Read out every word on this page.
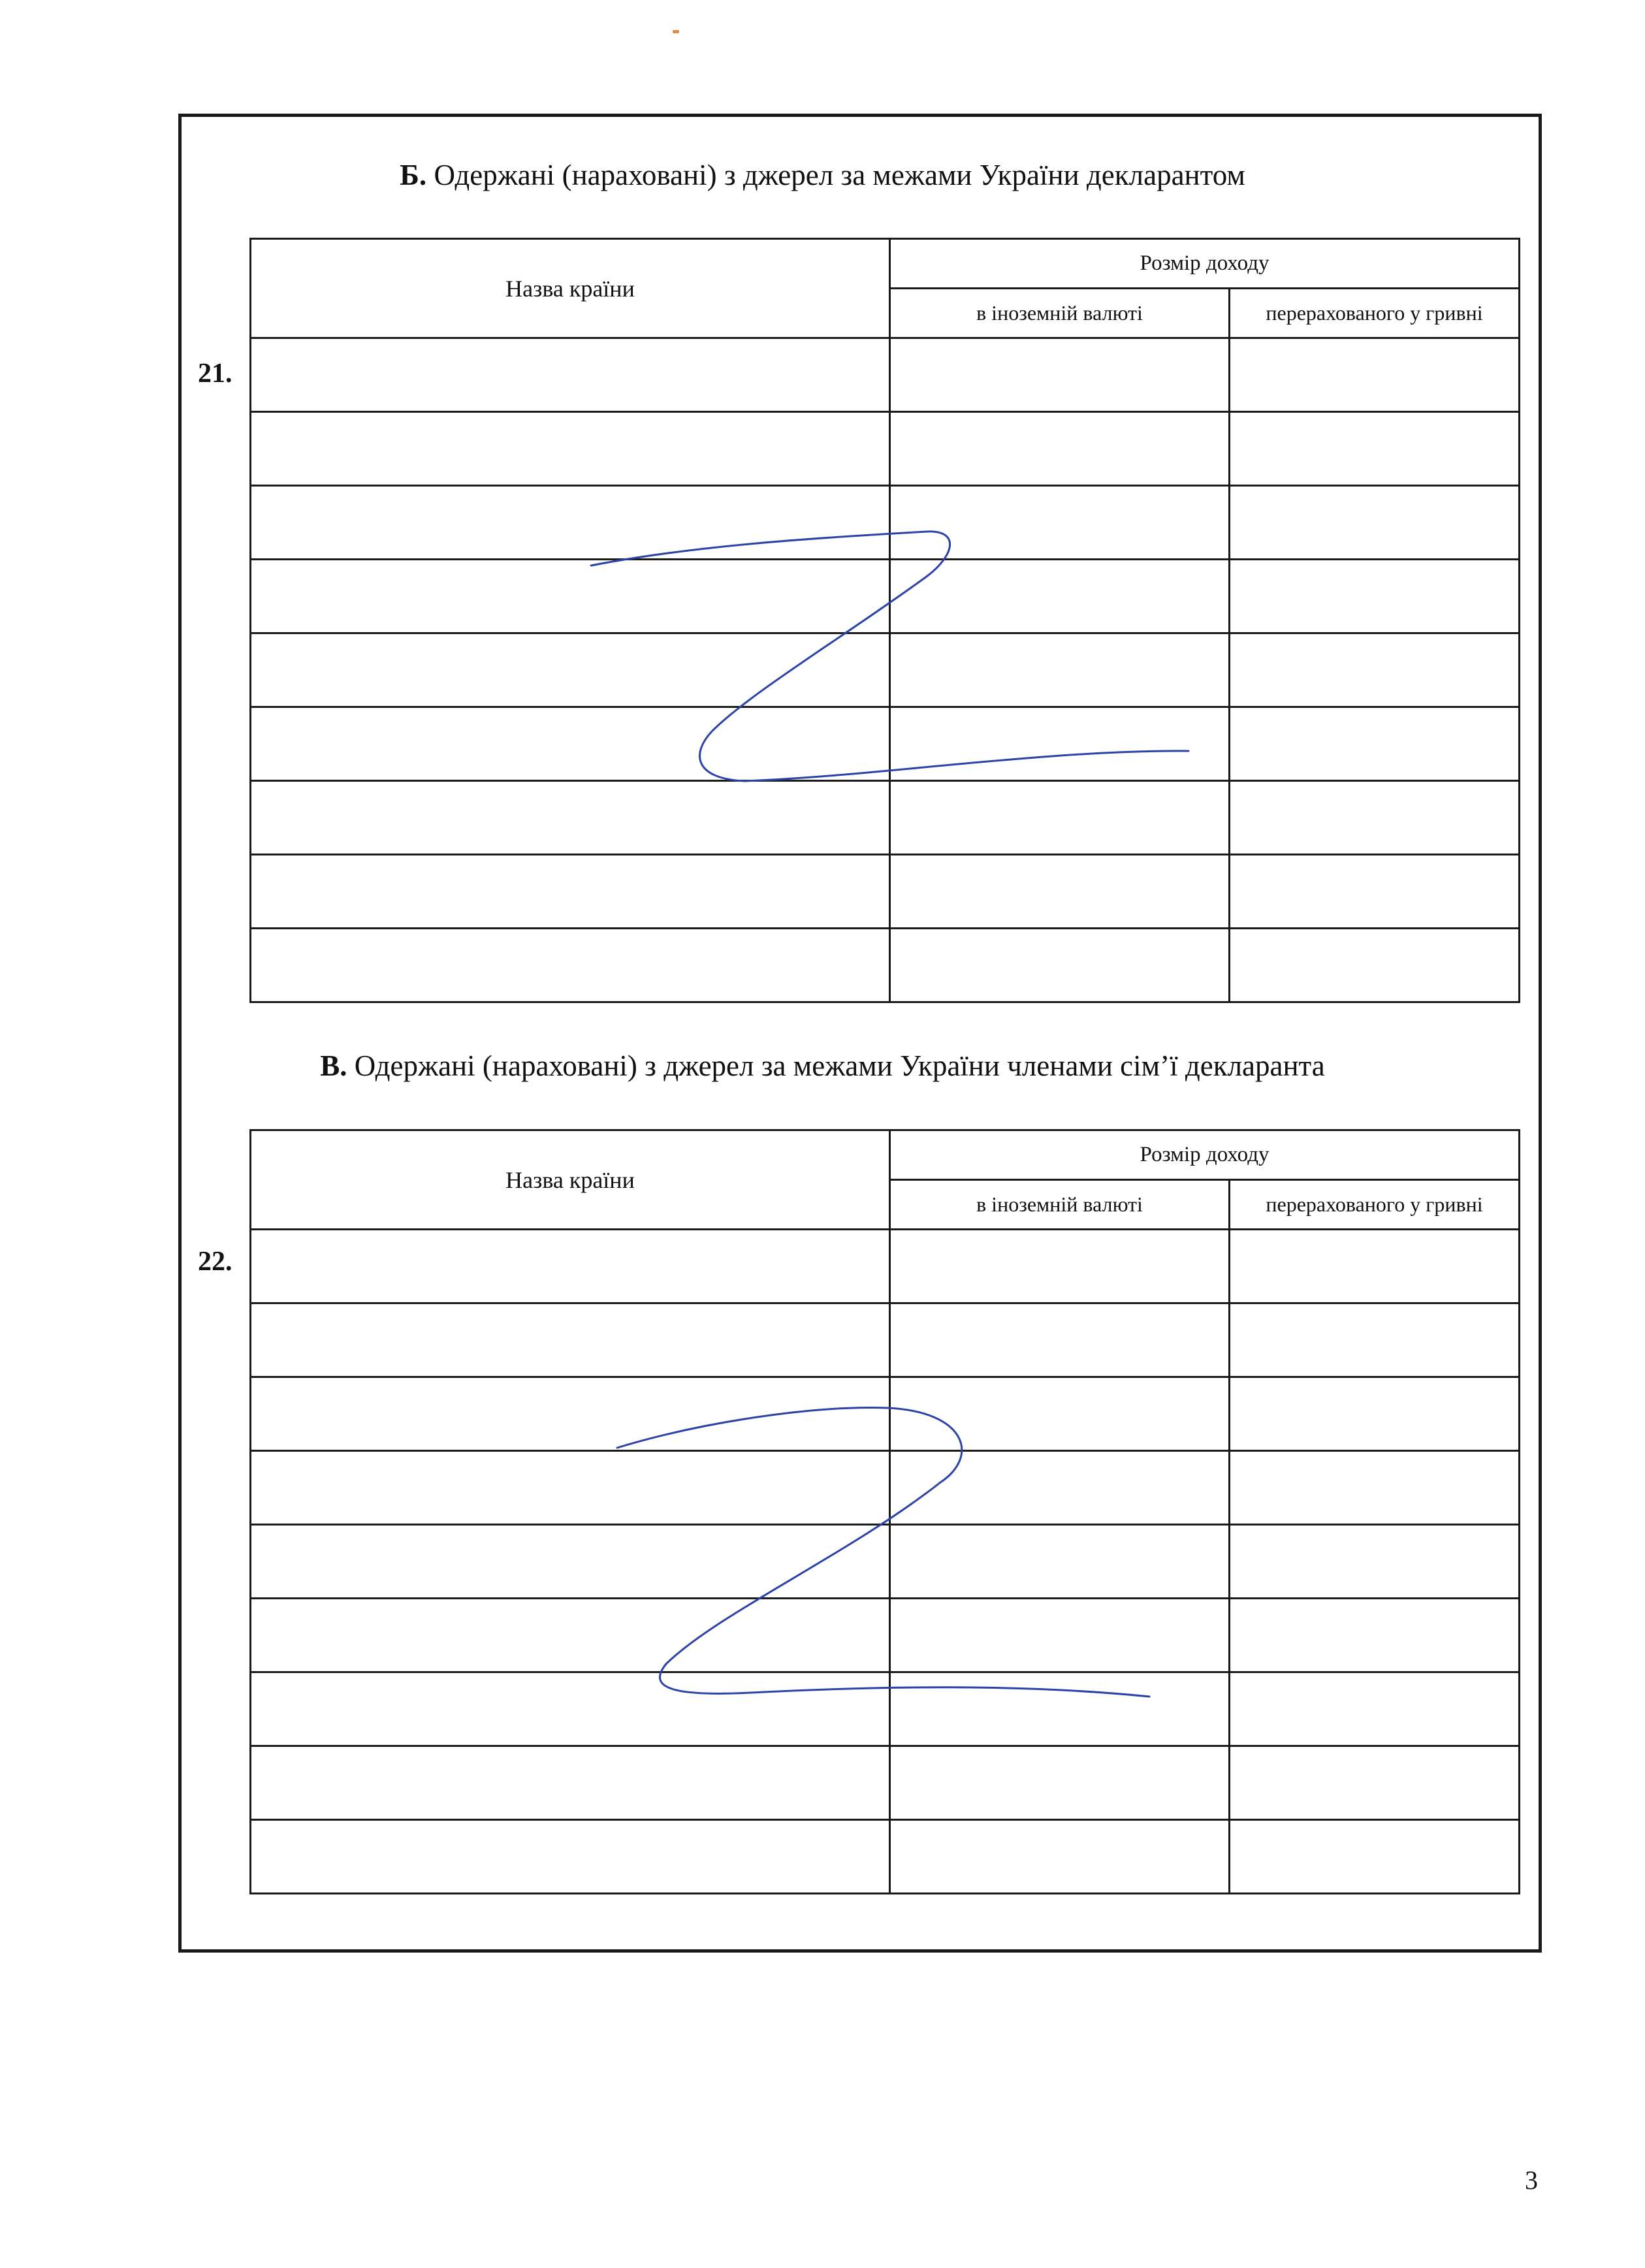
Б. Одержані (нараховані) з джерел за межами України декларантом
21.
Назва країни	Розмір доходу	
	в іноземній валюті	перерахованого у гривні

В. Одержані (нараховані) з джерел за межами України членами сім’ї декларанта
22.
Назва країни	Розмір доходу	
	в іноземній валюті	перерахованого у гривні

3
